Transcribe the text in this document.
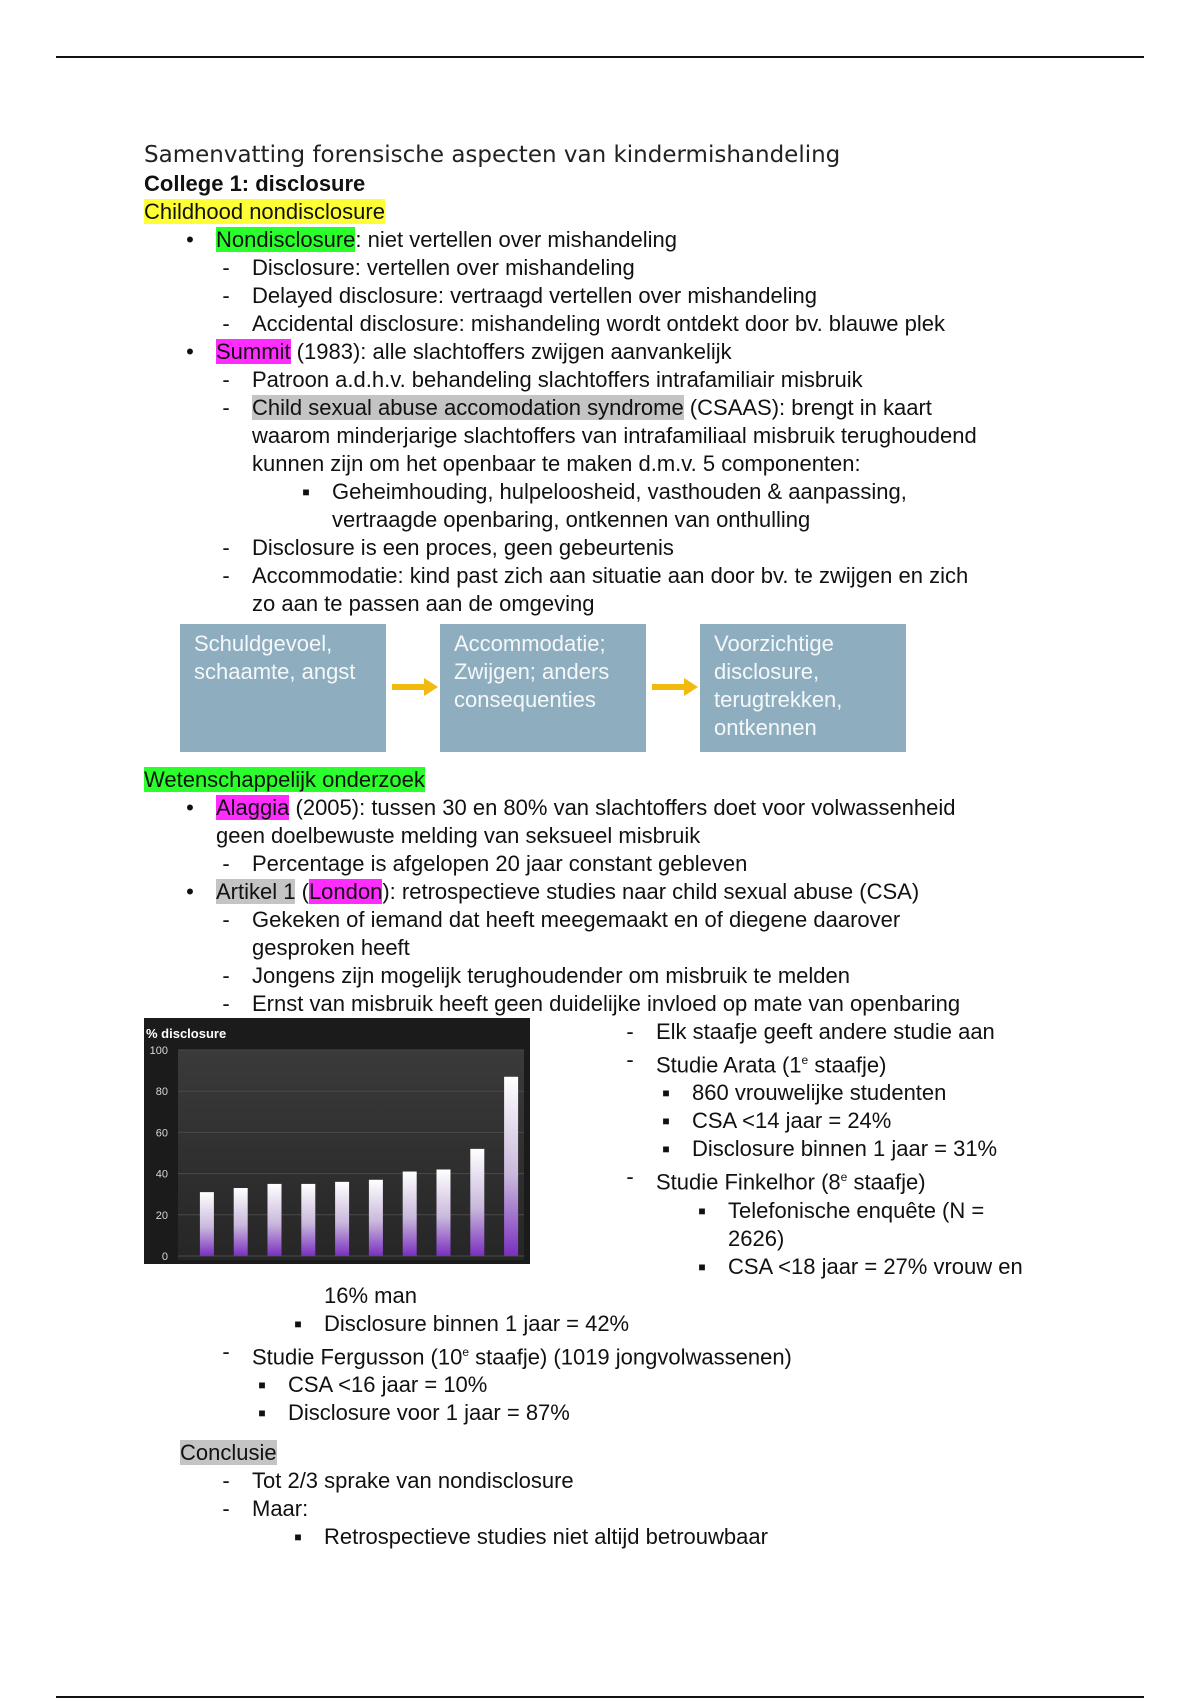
Samenvatting forensische aspecten van kindermishandeling
College 1: disclosure
Childhood nondisclosure
• Nondisclosure: niet vertellen over mishandeling
- Disclosure: vertellen over mishandeling
- Delayed disclosure: vertraagd vertellen over mishandeling
- Accidental disclosure: mishandeling wordt ontdekt door bv. blauwe plek
• Summit (1983): alle slachtoffers zwijgen aanvankelijk
- Patroon a.d.h.v. behandeling slachtoffers intrafamiliair misbruik
- Child sexual abuse accomodation syndrome (CSAAS): brengt in kaart
waarom minderjarige slachtoffers van intrafamiliaal misbruik terughoudend
kunnen zijn om het openbaar te maken d.m.v. 5 componenten:
■ Geheimhouding, hulpeloosheid, vasthouden & aanpassing,
vertraagde openbaring, ontkennen van onthulling
- Disclosure is een proces, geen gebeurtenis
- Accommodatie: kind past zich aan situatie aan door bv. te zwijgen en zich
zo aan te passen aan de omgeving
Schuldgevoel, schaamte, angst
Accommodatie; Zwijgen; anders consequenties
Voorzichtige disclosure, terugtrekken, ontkennen
Wetenschappelijk onderzoek
• Alaggia (2005): tussen 30 en 80% van slachtoffers doet voor volwassenheid
geen doelbewuste melding van seksueel misbruik
- Percentage is afgelopen 20 jaar constant gebleven
• Artikel 1 (London): retrospectieve studies naar child sexual abuse (CSA)
- Gekeken of iemand dat heeft meegemaakt en of diegene daarover
gesproken heeft
- Jongens zijn mogelijk terughoudender om misbruik te melden
- Ernst van misbruik heeft geen duidelijke invloed op mate van openbaring
% disclosure
0
20
40
60
80
100
- Elk staafje geeft andere studie aan
- Studie Arata (1e staafje)
■ 860 vrouwelijke studenten
■ CSA <14 jaar = 24%
■ Disclosure binnen 1 jaar = 31%
- Studie Finkelhor (8e staafje)
■ Telefonische enquête (N =
2626)
■ CSA <18 jaar = 27% vrouw en
16% man
■ Disclosure binnen 1 jaar = 42%
- Studie Fergusson (10e staafje) (1019 jongvolwassenen)
■ CSA <16 jaar = 10%
■ Disclosure voor 1 jaar = 87%
Conclusie
- Tot 2/3 sprake van nondisclosure
- Maar:
■ Retrospectieve studies niet altijd betrouwbaar
